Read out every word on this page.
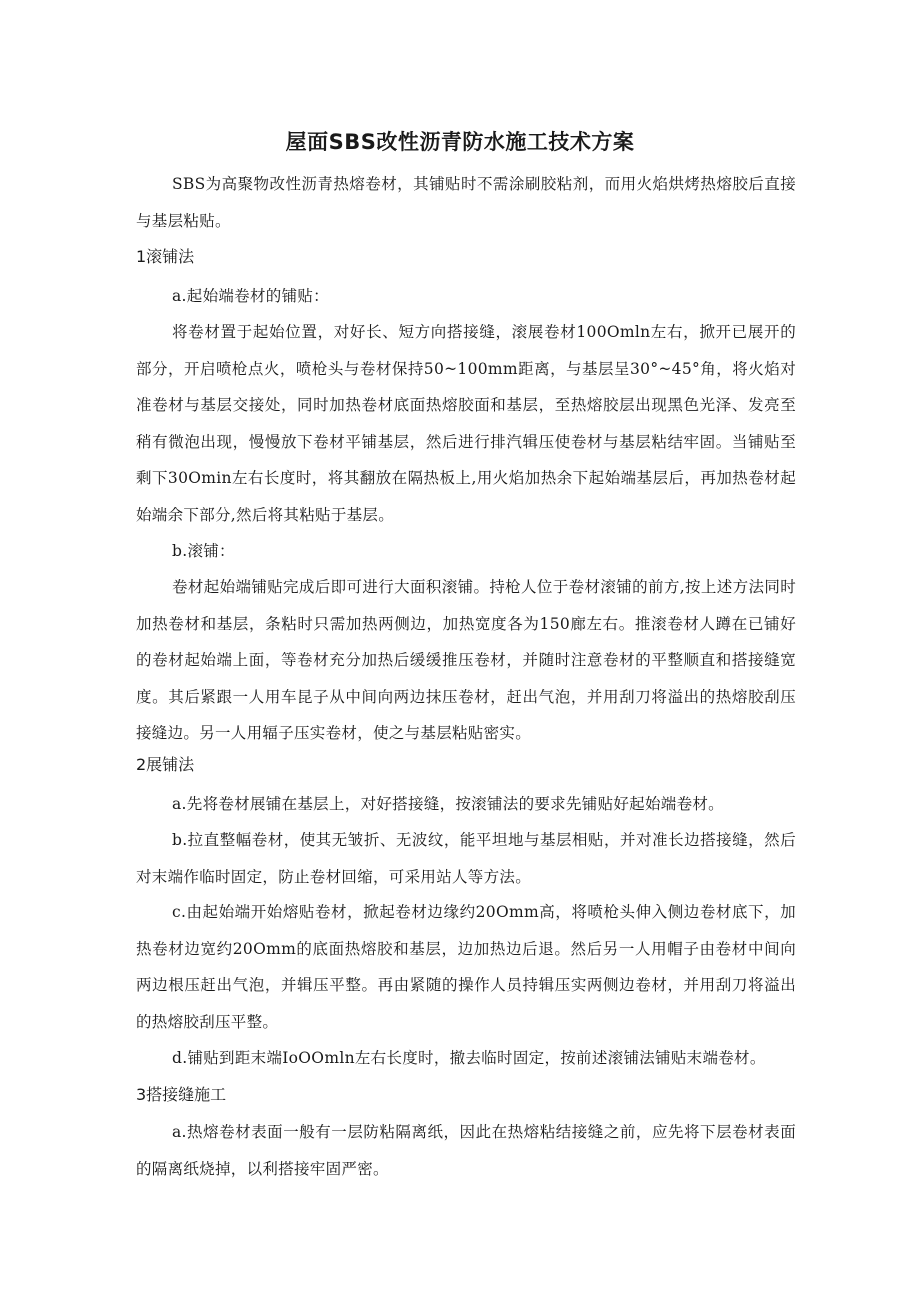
屋面SBS改性沥青防水施工技术方案

SBS为高聚物改性沥青热熔卷材，其铺贴时不需涂刷胶粘剂，而用火焰烘烤热熔胶后直接与基层粘贴。

1滚铺法

a.起始端卷材的铺贴：

将卷材置于起始位置，对好长、短方向搭接缝，滚展卷材100Omln左右，掀开已展开的部分，开启喷枪点火，喷枪头与卷材保持50~100mm距离，与基层呈30°~45°角，将火焰对准卷材与基层交接处，同时加热卷材底面热熔胶面和基层，至热熔胶层出现黑色光泽、发亮至稍有微泡出现，慢慢放下卷材平铺基层，然后进行排汽辑压使卷材与基层粘结牢固。当铺贴至剩下30Omin左右长度时，将其翻放在隔热板上,用火焰加热余下起始端基层后，再加热卷材起始端余下部分,然后将其粘贴于基层。

b.滚铺：

卷材起始端铺贴完成后即可进行大面积滚铺。持枪人位于卷材滚铺的前方,按上述方法同时加热卷材和基层，条粘时只需加热两侧边，加热宽度各为150廊左右。推滚卷材人蹲在已铺好的卷材起始端上面，等卷材充分加热后缓缓推压卷材，并随时注意卷材的平整顺直和搭接缝宽度。其后紧跟一人用车昆子从中间向两边抹压卷材，赶出气泡，并用刮刀将溢出的热熔胶刮压接缝边。另一人用辐子压实卷材，使之与基层粘贴密实。

2展铺法

a.先将卷材展铺在基层上，对好搭接缝，按滚铺法的要求先铺贴好起始端卷材。

b.拉直整幅卷材，使其无皱折、无波纹，能平坦地与基层相贴，并对准长边搭接缝，然后对末端作临时固定，防止卷材回缩，可采用站人等方法。

c.由起始端开始熔贴卷材，掀起卷材边缘约20Omm高，将喷枪头伸入侧边卷材底下，加热卷材边宽约20Omm的底面热熔胶和基层，边加热边后退。然后另一人用帽子由卷材中间向两边根压赶出气泡，并辑压平整。再由紧随的操作人员持辑压实两侧边卷材，并用刮刀将溢出的热熔胶刮压平整。

d.铺贴到距末端IoOOmln左右长度时，撤去临时固定，按前述滚铺法铺贴末端卷材。

3搭接缝施工

a.热熔卷材表面一般有一层防粘隔离纸，因此在热熔粘结接缝之前，应先将下层卷材表面的隔离纸烧掉，以利搭接牢固严密。
